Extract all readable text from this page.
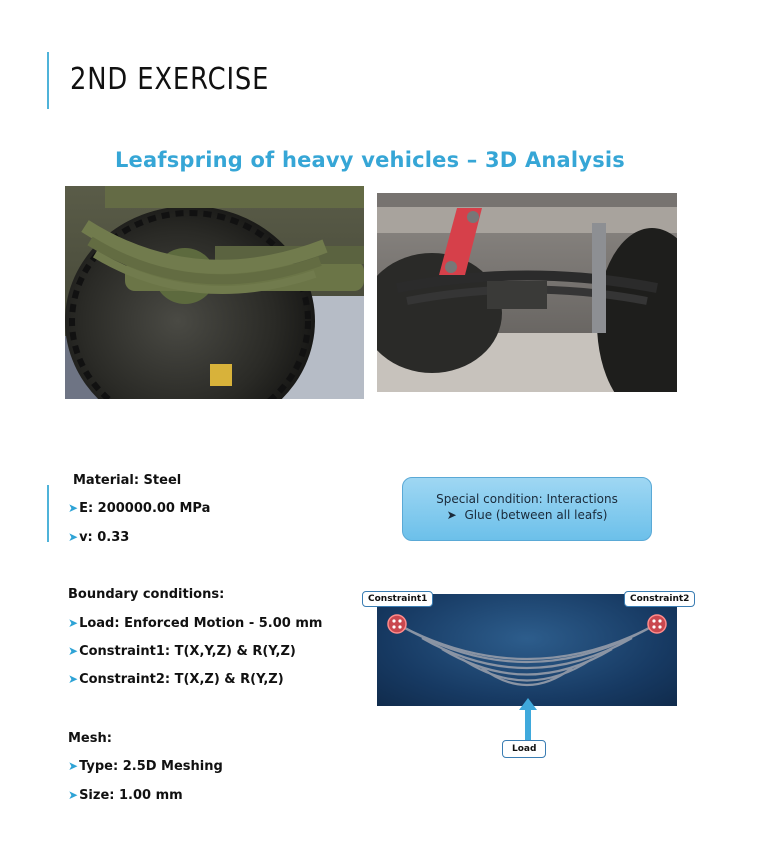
2ND EXERCISE
Leafspring of heavy vehicles – 3D Analysis
Material: Steel
➤E: 200000.00 MPa
➤v: 0.33
Boundary conditions:
➤Load: Enforced Motion - 5.00 mm
➤Constraint1: T(X,Y,Z) & R(Y,Z)
➤Constraint2: T(X,Z) & R(Y,Z)
Mesh:
➤Type: 2.5D Meshing
➤Size: 1.00 mm
Special condition: Interactions
➤ Glue (between all leafs)
Constraint1	Constraint2
Load
